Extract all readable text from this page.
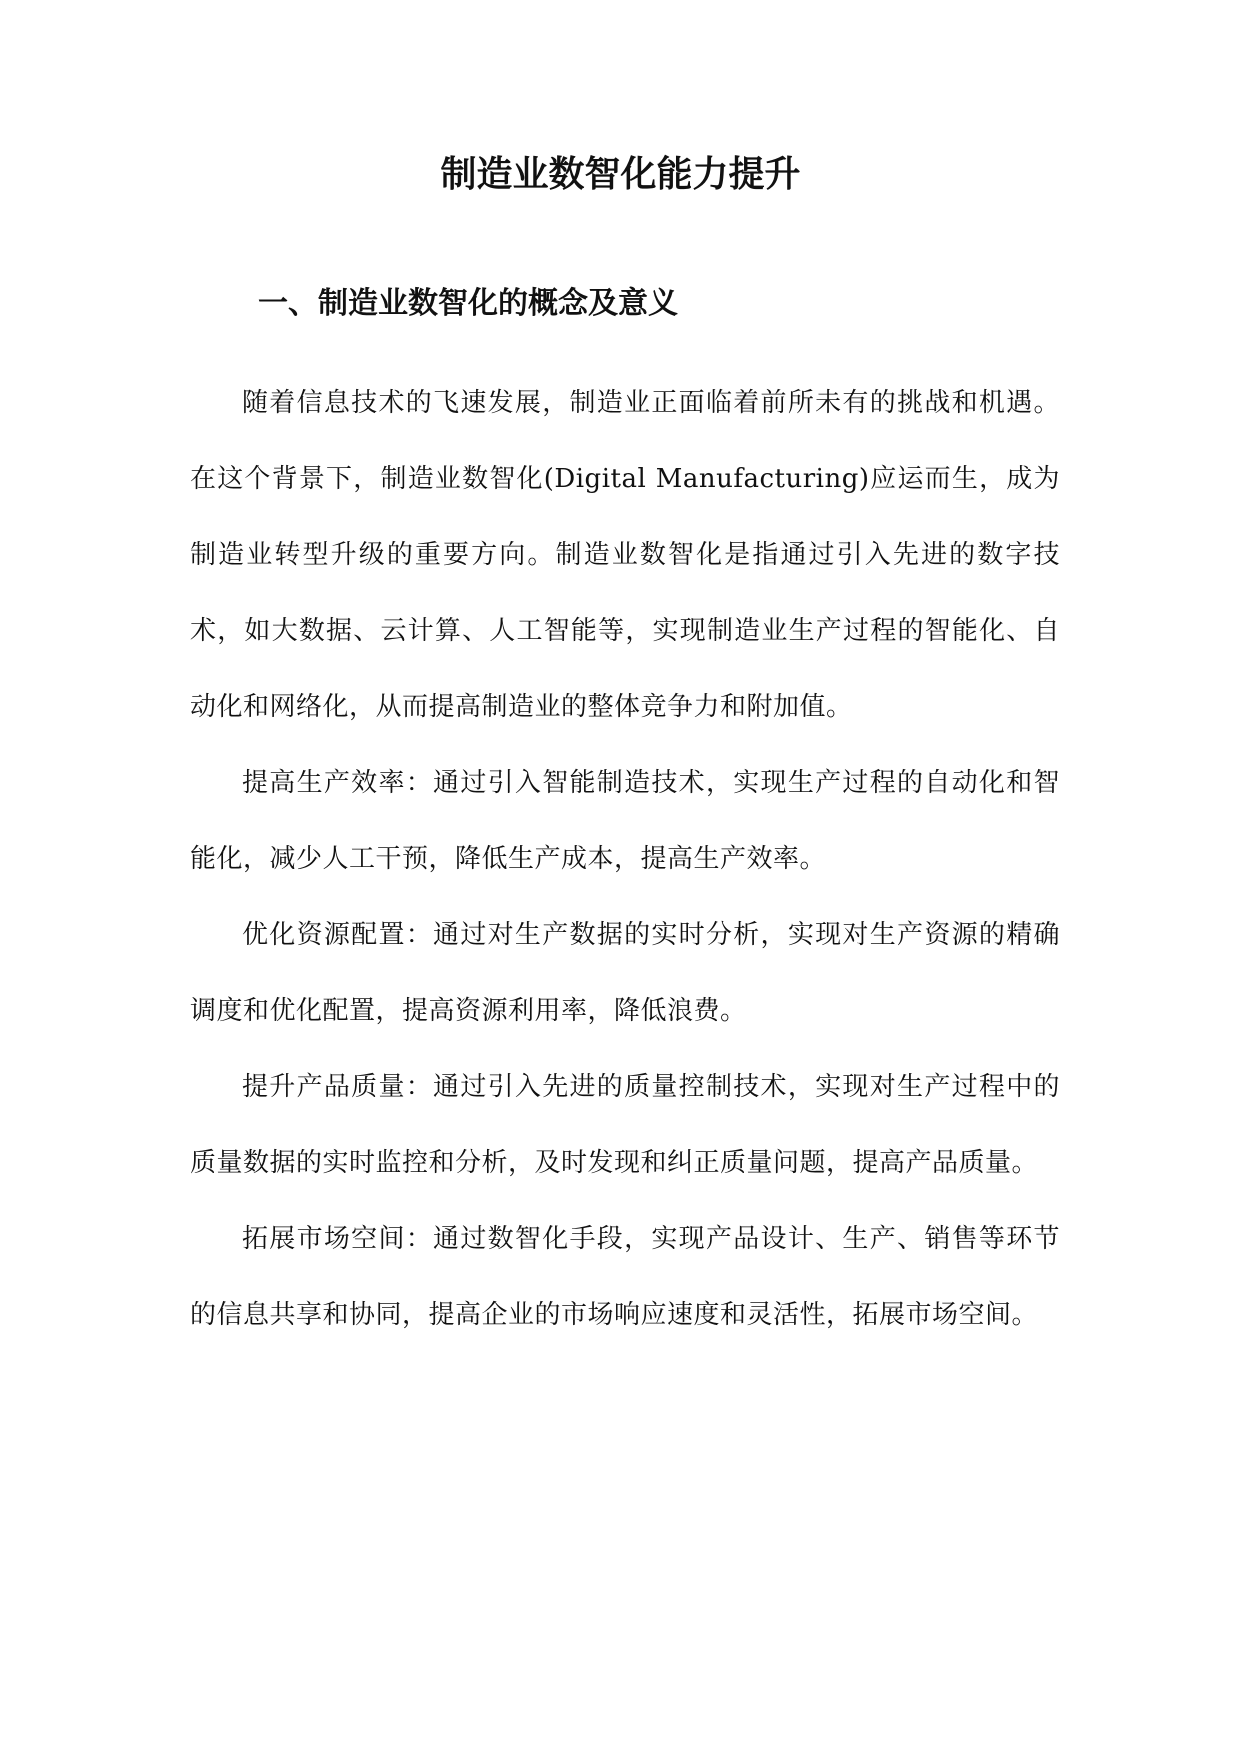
制造业数智化能力提升
一、制造业数智化的概念及意义

随着信息技术的飞速发展，制造业正面临着前所未有的挑战和机遇。在这个背景下，制造业数智化(Digital Manufacturing)应运而生，成为制造业转型升级的重要方向。制造业数智化是指通过引入先进的数字技术，如大数据、云计算、人工智能等，实现制造业生产过程的智能化、自动化和网络化，从而提高制造业的整体竞争力和附加值。

提高生产效率：通过引入智能制造技术，实现生产过程的自动化和智能化，减少人工干预，降低生产成本，提高生产效率。

优化资源配置：通过对生产数据的实时分析，实现对生产资源的精确调度和优化配置，提高资源利用率，降低浪费。

提升产品质量：通过引入先进的质量控制技术，实现对生产过程中的质量数据的实时监控和分析，及时发现和纠正质量问题，提高产品质量。

拓展市场空间：通过数智化手段，实现产品设计、生产、销售等环节的信息共享和协同，提高企业的市场响应速度和灵活性，拓展市场空间。
